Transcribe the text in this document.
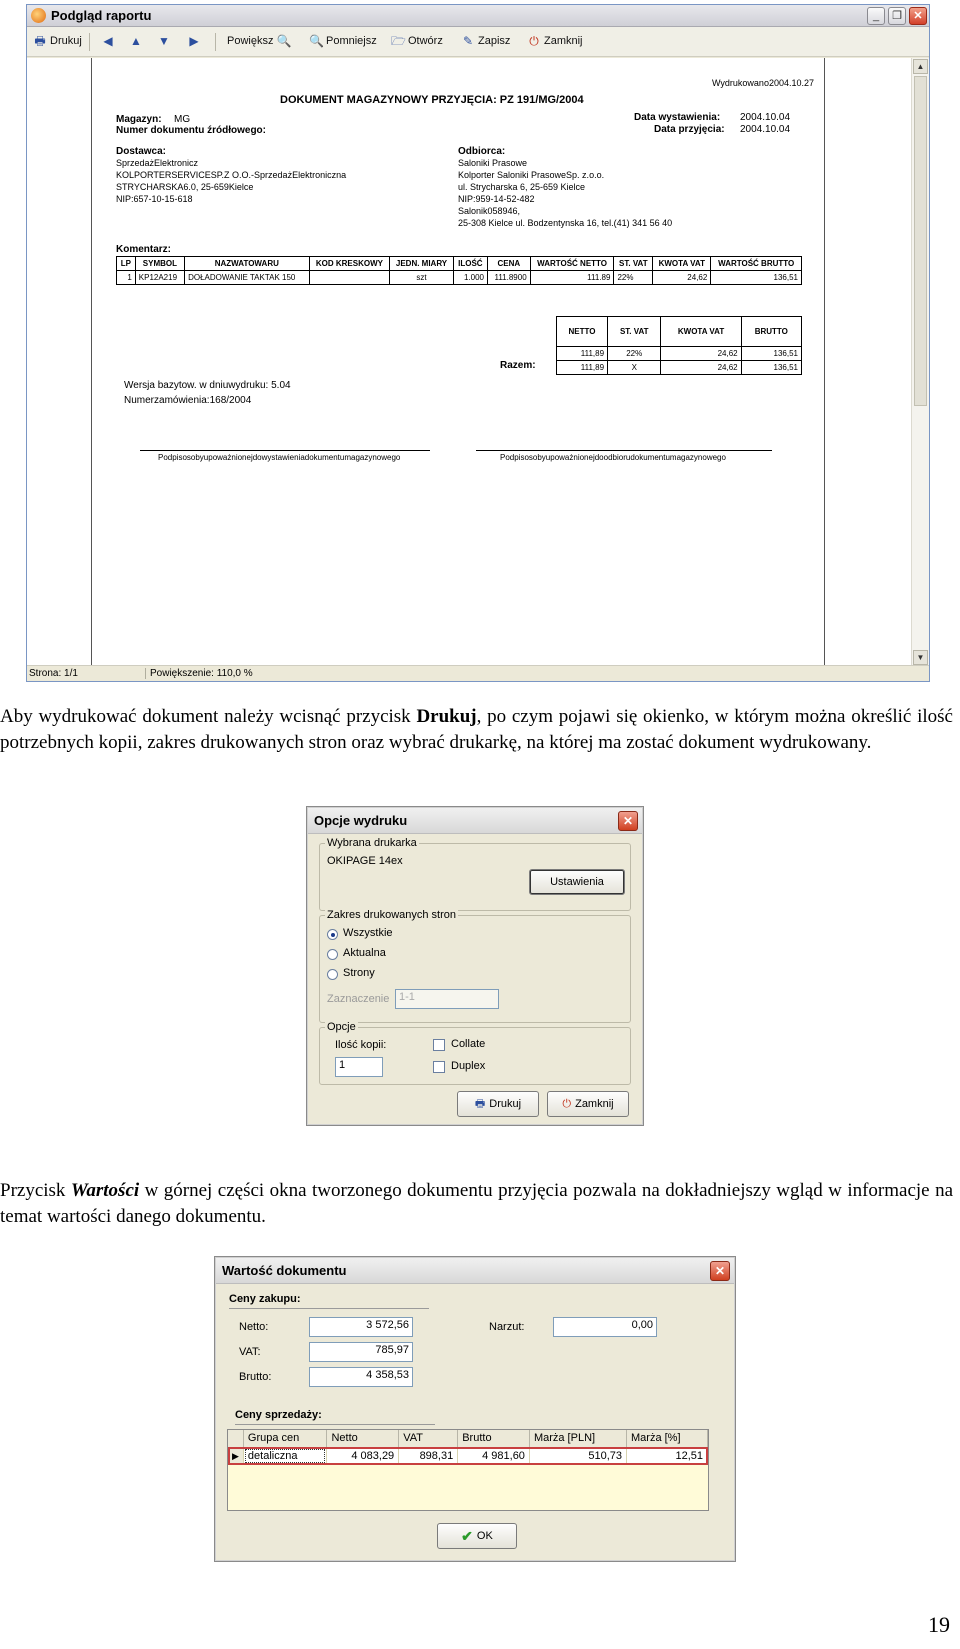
Podgląd raportu	_	❐	✕
🖶 Drukuj ◀ ▲ ▼ ▶	Powiększ 🔍 🔍 Pomniejsz 🗁 Otwórz ✎ Zapisz ⏻ Zamknij
Wydrukowano2004.10.27
DOKUMENT MAGAZYNOWY PRZYJĘCIA: PZ 191/MG/2004
Magazyn: MG
Numer dokumentu źródłowego:
Data wystawienia: 2004.10.04
Data przyjęcia: 2004.10.04
Dostawca:
SprzedażElektronicz
KOLPORTERSERVICESP.Z O.O.-SprzedażElektroniczna
STRYCHARSKA6.0, 25-659Kielce
NIP:657-10-15-618
Odbiorca:
Saloniki Prasowe
Kolporter Saloniki PrasoweSp. z.o.o.
ul. Strycharska 6, 25-659 Kielce
NIP:959-14-52-482
Salonik058946,
25-308 Kielce ul. Bodzentynska 16, tel.(41) 341 56 40
Komentarz:
LP	SYMBOL	NAZWATOWARU	KOD KRESKOWY	JEDN. MIARY	ILOŚĆ	CENA	WARTOŚĆ NETTO	ST. VAT	KWOTA VAT	WARTOŚĆ BRUTTO
1	KP12A219	DOŁADOWANIE TAKTAK 150		szt	1.000	111.8900	111.89	22%	24,62	136,51
NETTO	ST. VAT	KWOTA VAT	BRUTTO
111,89	22%	24,62	136,51
111,89	X	24,62	136,51
Razem:
Wersja bazytow. w dniuwydruku: 5.04
Numerzamówienia:168/2004
Podpisosobyupoważnionejdowystawieniadokumentumagazynowego	Podpisosobyupoważnionejdoodbiorudokumentumagazynowego
▲
▼
Strona: 1/1	Powiększenie: 110,0 %
Aby wydrukować dokument należy wcisnąć przycisk Drukuj, po czym pojawi się okienko, w którym można określić ilość potrzebnych kopii, zakres drukowanych stron oraz wybrać drukarkę, na której ma zostać dokument wydrukowany.
Opcje wydruku	✕
Wybrana drukarka
OKIPAGE 14ex
Ustawienia
Zakres drukowanych stron
Wszystkie
Aktualna
Strony
Zaznaczenie 1-1
Opcje
Ilość kopii:
1
Collate
Duplex
🖶 Drukuj	⏻ Zamknij
Przycisk Wartości w górnej części okna tworzonego dokumentu przyjęcia pozwala na dokładniejszy wgląd w informacje na temat wartości danego dokumentu.
Wartość dokumentu	✕
Ceny zakupu:
Netto:	3 572,56
VAT:	785,97
Brutto:	4 358,53
Narzut:	0,00
Ceny sprzedaży:
	Grupa cen	Netto	VAT	Brutto	Marża [PLN]	Marża [%]
▶	detaliczna	4 083,29	898,31	4 981,60	510,73	12,51
✔ OK
19
